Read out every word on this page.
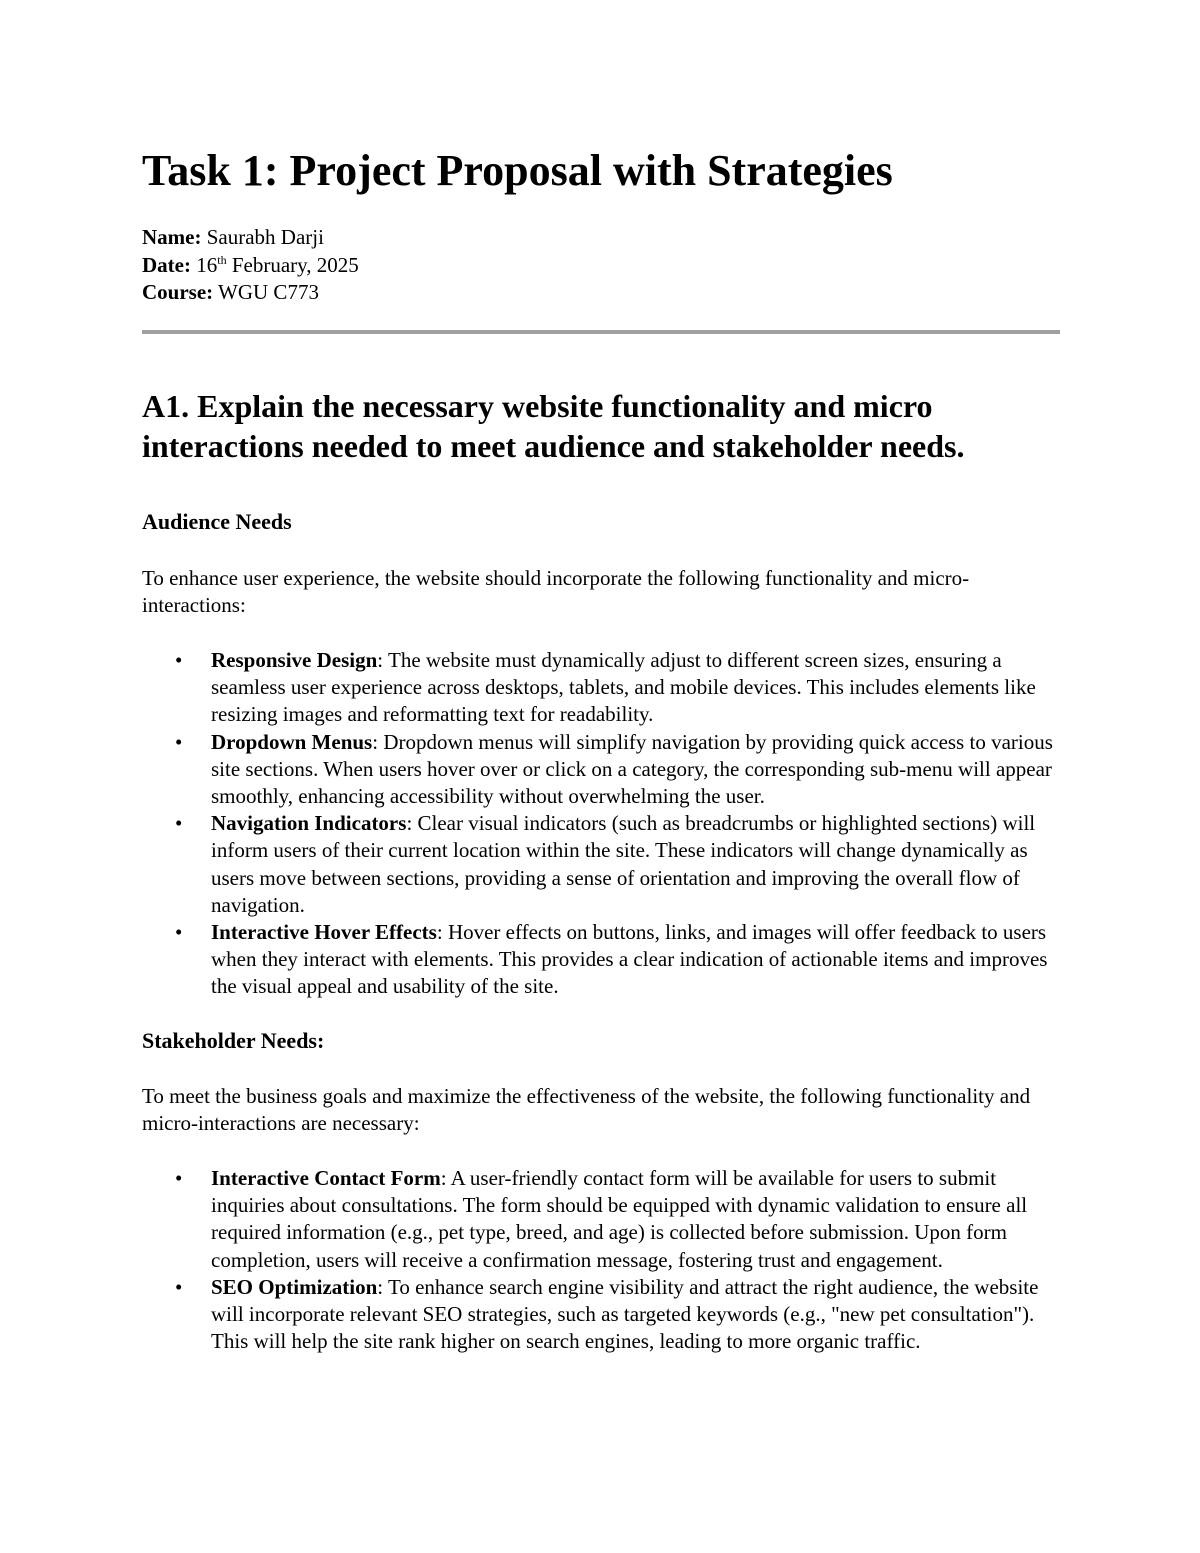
Task 1: Project Proposal with Strategies
Name: Saurabh Darji
Date: 16th February, 2025
Course: WGU C773
A1. Explain the necessary website functionality and micro interactions needed to meet audience and stakeholder needs.
Audience Needs

To enhance user experience, the website should incorporate the following functionality and micro-interactions:

• Responsive Design: The website must dynamically adjust to different screen sizes, ensuring a seamless user experience across desktops, tablets, and mobile devices. This includes elements like resizing images and reformatting text for readability.
• Dropdown Menus: Dropdown menus will simplify navigation by providing quick access to various site sections. When users hover over or click on a category, the corresponding sub-menu will appear smoothly, enhancing accessibility without overwhelming the user.
• Navigation Indicators: Clear visual indicators (such as breadcrumbs or highlighted sections) will inform users of their current location within the site. These indicators will change dynamically as users move between sections, providing a sense of orientation and improving the overall flow of navigation.
• Interactive Hover Effects: Hover effects on buttons, links, and images will offer feedback to users when they interact with elements. This provides a clear indication of actionable items and improves the visual appeal and usability of the site.
Stakeholder Needs:

To meet the business goals and maximize the effectiveness of the website, the following functionality and micro-interactions are necessary:

• Interactive Contact Form: A user-friendly contact form will be available for users to submit inquiries about consultations. The form should be equipped with dynamic validation to ensure all required information (e.g., pet type, breed, and age) is collected before submission. Upon form completion, users will receive a confirmation message, fostering trust and engagement.
• SEO Optimization: To enhance search engine visibility and attract the right audience, the website will incorporate relevant SEO strategies, such as targeted keywords (e.g., "new pet consultation"). This will help the site rank higher on search engines, leading to more organic traffic.
